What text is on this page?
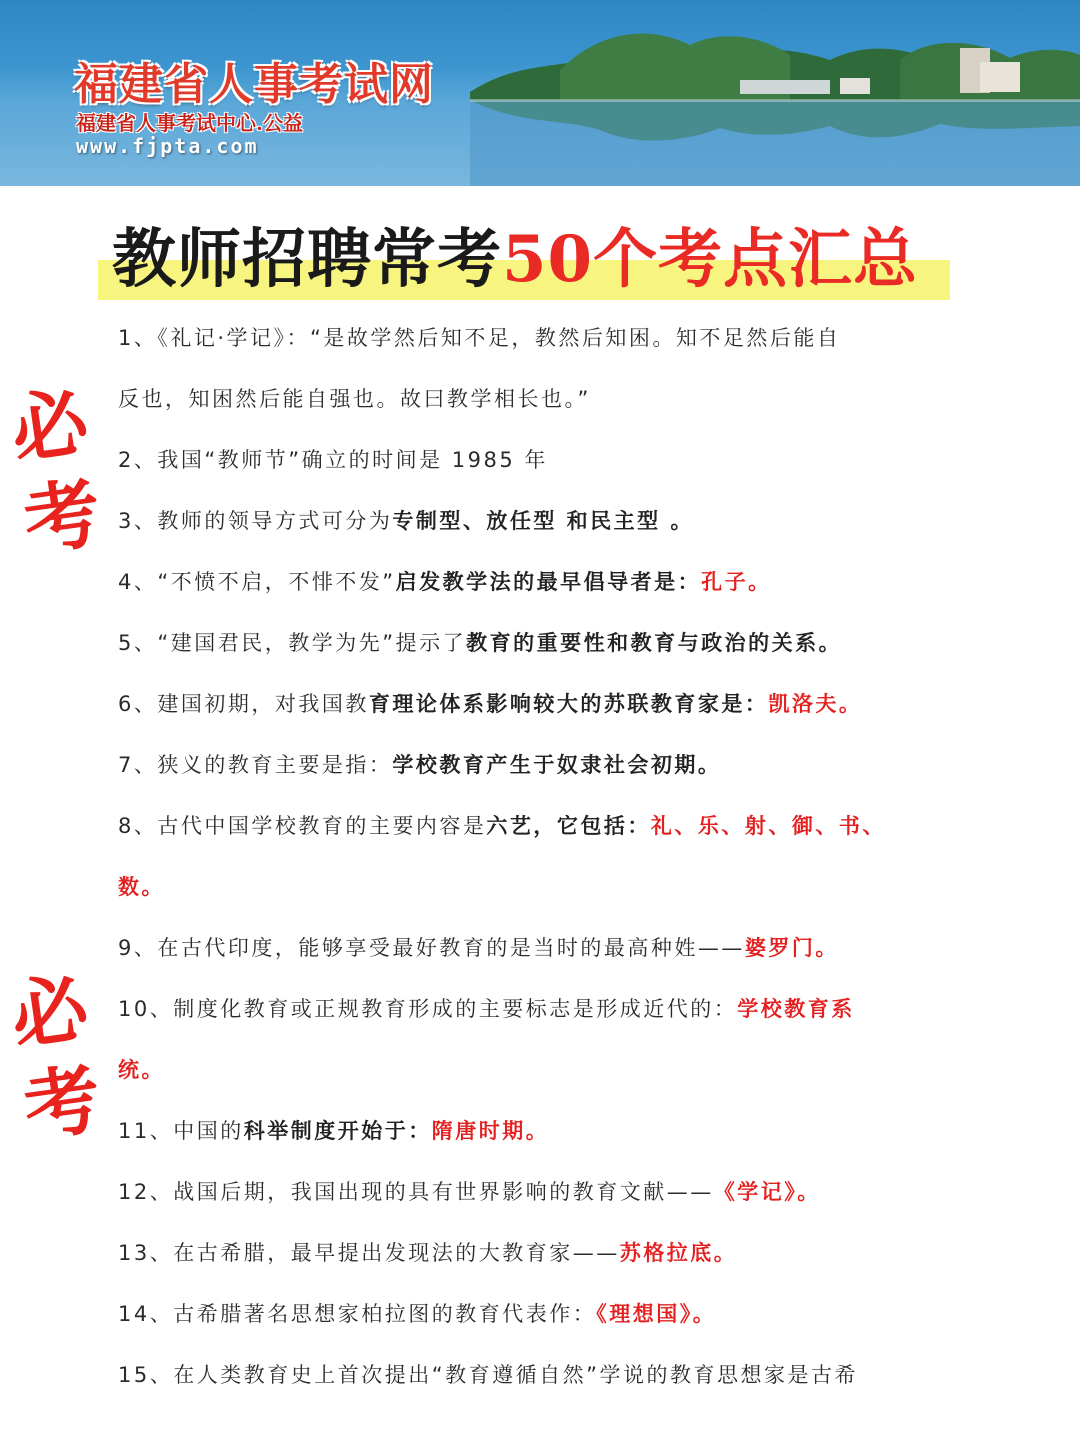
福建省人事考试网
福建省人事考试中心.公益
www.fjpta.com
教师招聘常考50个考点汇总
必
考
必
考
1、《礼记·学记》：“是故学然后知不足，教然后知困。知不足然后能自
反也，知困然后能自强也。故曰教学相长也。”
2、我国“教师节”确立的时间是 1985 年
3、教师的领导方式可分为专制型、放任型 和民主型 。
4、“不愤不启，不悱不发”启发教学法的最早倡导者是：孔子。
5、“建国君民，教学为先”提示了教育的重要性和教育与政治的关系。
6、建国初期，对我国教育理论体系影响较大的苏联教育家是：凯洛夫。
7、狭义的教育主要是指：学校教育产生于奴隶社会初期。
8、古代中国学校教育的主要内容是六艺，它包括：礼、乐、射、御、书、
数。
9、在古代印度，能够享受最好教育的是当时的最高种姓——婆罗门。
10、制度化教育或正规教育形成的主要标志是形成近代的：学校教育系
统。
11、中国的科举制度开始于：隋唐时期。
12、战国后期，我国出现的具有世界影响的教育文献——《学记》。
13、在古希腊，最早提出发现法的大教育家——苏格拉底。
14、古希腊著名思想家柏拉图的教育代表作：《理想国》。
15、在人类教育史上首次提出“教育遵循自然”学说的教育思想家是古希
